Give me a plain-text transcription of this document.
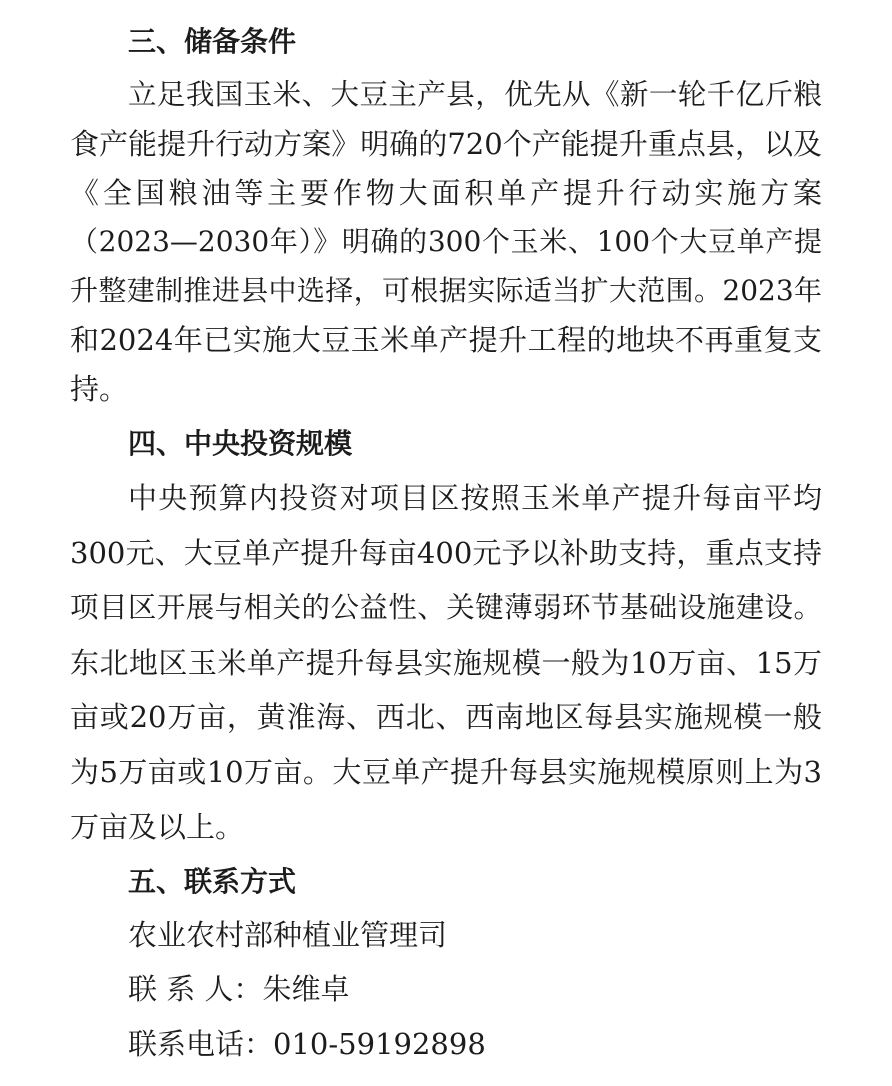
三、储备条件
立足我国玉米、大豆主产县，优先从《新一轮千亿斤粮
食产能提升行动方案》明确的720个产能提升重点县，以及
《全国粮油等主要作物大面积单产提升行动实施方案
（2023—2030年）》明确的300个玉米、100个大豆单产提
升整建制推进县中选择，可根据实际适当扩大范围。2023年
和2024年已实施大豆玉米单产提升工程的地块不再重复支
持。
四、中央投资规模
中央预算内投资对项目区按照玉米单产提升每亩平均
300元、大豆单产提升每亩400元予以补助支持，重点支持
项目区开展与相关的公益性、关键薄弱环节基础设施建设。
东北地区玉米单产提升每县实施规模一般为10万亩、15万
亩或20万亩，黄淮海、西北、西南地区每县实施规模一般
为5万亩或10万亩。大豆单产提升每县实施规模原则上为3
万亩及以上。
五、联系方式
农业农村部种植业管理司
联 系 人：朱维卓
联系电话：010-59192898
